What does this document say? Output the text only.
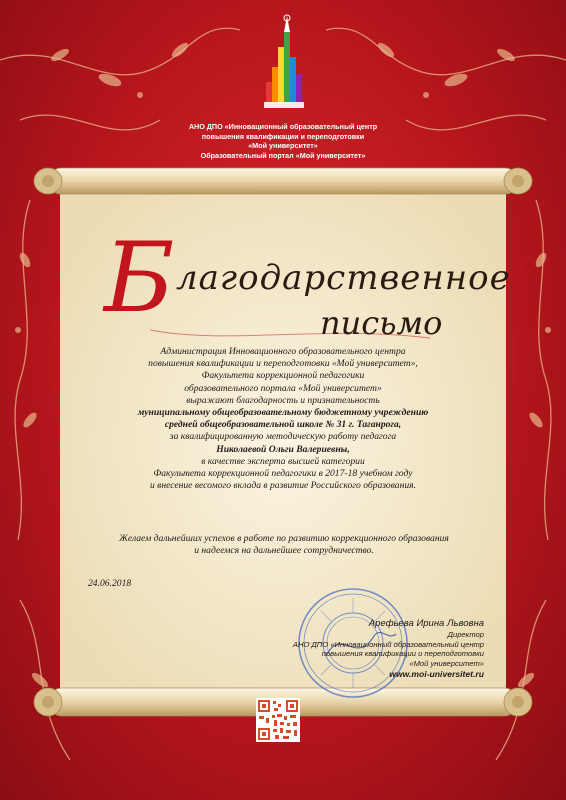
АНО ДПО «Инновационный образовательный центр
повышения квалификации и переподготовки
«Мой университет»
Образовательный портал «Мой университет»
Б лагодарственное
письмо
Администрация Инновационного образовательного центра
повышения квалификации и переподготовки «Мой университет»,
Факультета коррекционной педагогики
образовательного портала «Мой университет»
выражают благодарность и признательность
муниципальному общеобразовательному бюджетному учреждению
средней общеобразовательной школе № 31 г. Таганрога,
за квалифицированную методическую работу педагога
Николаевой Ольги Валериевны,
в качестве эксперта высшей категории
Факультета коррекционной педагогики в 2017-18 учебном году
и внесение весомого вклада в развитие Российского образования.
Желаем дальнейших успехов в работе по развитию коррекционного образования
и надеемся на дальнейшее сотрудничество.
24.06.2018
Арефьева Ирина Львовна
Директор
АНО ДПО «Инновационный образовательный центр
повышения квалификации и переподготовки
«Мой университет»
www.moi-universitet.ru
